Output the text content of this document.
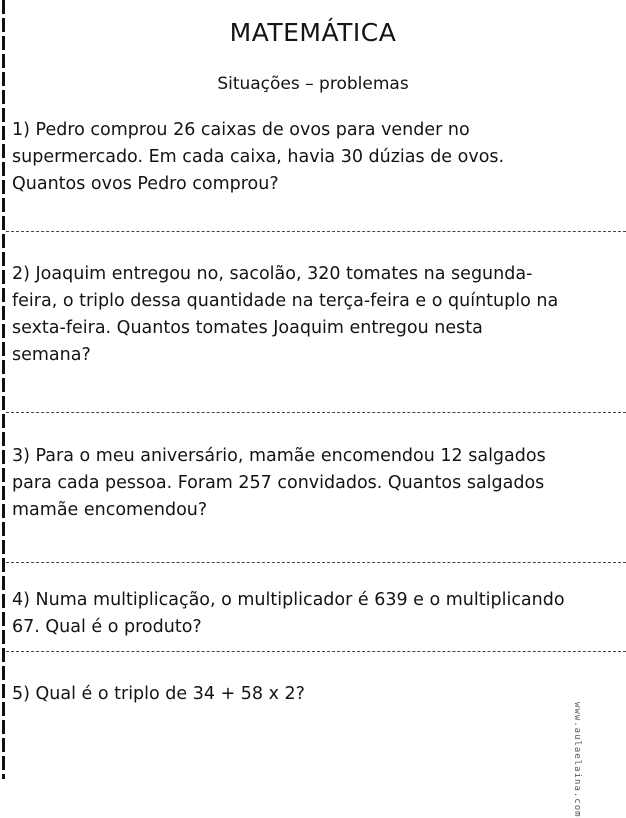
MATEMÁTICA
Situações – problemas
1) Pedro comprou 26 caixas de ovos para vender no
supermercado. Em cada caixa, havia 30 dúzias de ovos.
Quantos ovos Pedro comprou?
2) Joaquim entregou no, sacolão, 320 tomates na segunda-
feira, o triplo dessa quantidade na terça-feira e o quíntuplo na
sexta-feira. Quantos tomates Joaquim entregou nesta
semana?
3) Para o meu aniversário, mamãe encomendou 12 salgados
para cada pessoa. Foram 257 convidados. Quantos salgados
mamãe encomendou?
4) Numa multiplicação, o multiplicador é 639 e o multiplicando
67. Qual é o produto?
5) Qual é o triplo de 34 + 58 x 2?
www.aulaelaina.com
